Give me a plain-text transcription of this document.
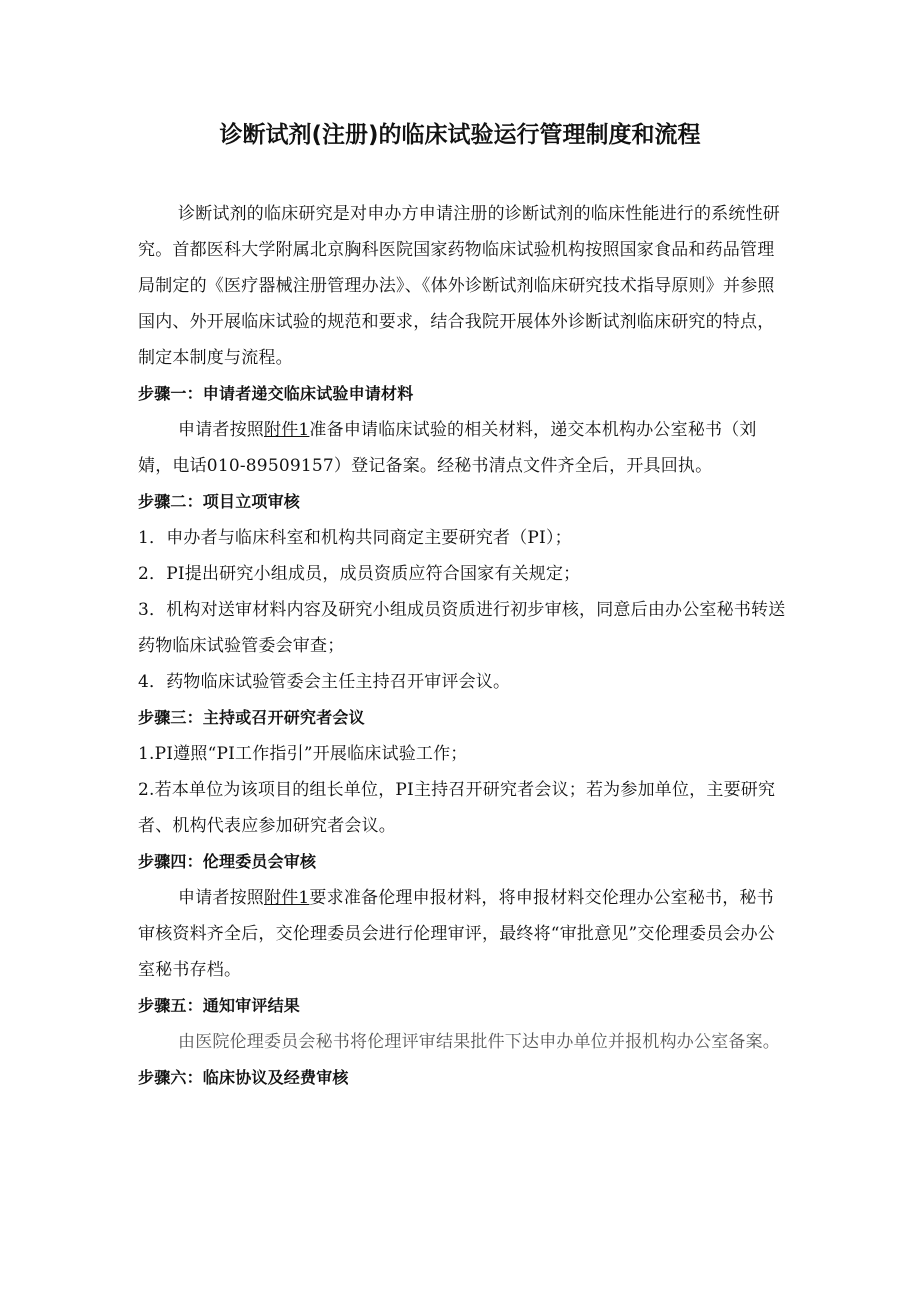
诊断试剂(注册)的临床试验运行管理制度和流程

诊断试剂的临床研究是对申办方申请注册的诊断试剂的临床性能进行的系统性研究。首都医科大学附属北京胸科医院国家药物临床试验机构按照国家食品和药品管理局制定的《医疗器械注册管理办法》、《体外诊断试剂临床研究技术指导原则》并参照国内、外开展临床试验的规范和要求，结合我院开展体外诊断试剂临床研究的特点，制定本制度与流程。

步骤一：申请者递交临床试验申请材料

申请者按照附件1准备申请临床试验的相关材料，递交本机构办公室秘书（刘婧，电话010-89509157）登记备案。经秘书清点文件齐全后，开具回执。

步骤二：项目立项审核

1．申办者与临床科室和机构共同商定主要研究者（PI）；

2．PI提出研究小组成员，成员资质应符合国家有关规定；

3．机构对送审材料内容及研究小组成员资质进行初步审核，同意后由办公室秘书转送药物临床试验管委会审查；

4．药物临床试验管委会主任主持召开审评会议。

步骤三：主持或召开研究者会议

1.PI遵照“PI工作指引”开展临床试验工作；

2.若本单位为该项目的组长单位，PI主持召开研究者会议；若为参加单位，主要研究者、机构代表应参加研究者会议。

步骤四：伦理委员会审核

申请者按照附件1要求准备伦理申报材料，将申报材料交伦理办公室秘书，秘书审核资料齐全后，交伦理委员会进行伦理审评，最终将“审批意见”交伦理委员会办公室秘书存档。

步骤五：通知审评结果

由医院伦理委员会秘书将伦理评审结果批件下达申办单位并报机构办公室备案。

步骤六：临床协议及经费审核
